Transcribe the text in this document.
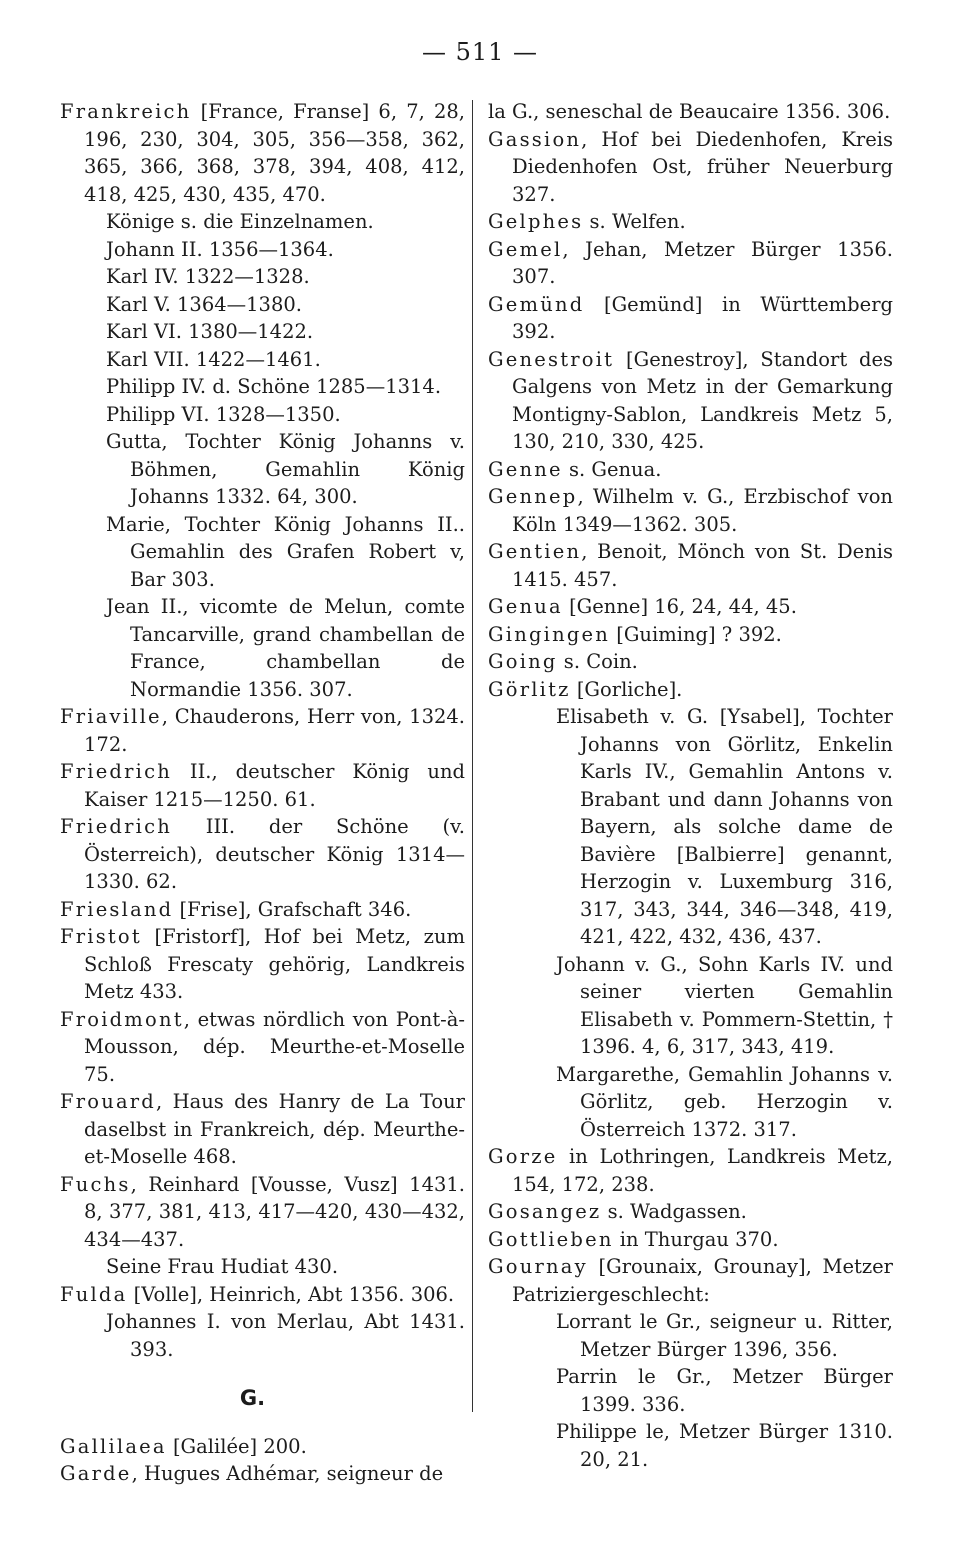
— 511 —

Frankreich [France, Franse] 6, 7, 28, 196, 230, 304, 305, 356—358, 362, 365, 366, 368, 378, 394, 408, 412, 418, 425, 430, 435, 470.

Könige s. die Einzelnamen.

Johann II. 1356—1364.

Karl IV. 1322—1328.

Karl V. 1364—1380.

Karl VI. 1380—1422.

Karl VII. 1422—1461.

Philipp IV. d. Schöne 1285—1314.

Philipp VI. 1328—1350.

Gutta, Tochter König Johanns v. Böhmen, Gemahlin König Johanns 1332. 64, 300.

Marie, Tochter König Johanns II.. Gemahlin des Grafen Robert v, Bar 303.

Jean II., vicomte de Melun, comte Tancarville, grand chambellan de France, chambellan de Normandie 1356. 307.

Friaville, Chauderons, Herr von, 1324. 172.

Friedrich II., deutscher König und Kaiser 1215—1250. 61.

Friedrich III. der Schöne (v. Österreich), deutscher König 1314—1330. 62.

Friesland [Frise], Grafschaft 346.

Fristot [Fristorf], Hof bei Metz, zum Schloß Frescaty gehörig, Landkreis Metz 433.

Froidmont, etwas nördlich von Pont-à-Mousson, dép. Meurthe-et-Moselle 75.

Frouard, Haus des Hanry de La Tour daselbst in Frankreich, dép. Meurthe-et-Moselle 468.

Fuchs, Reinhard [Vousse, Vusz] 1431. 8, 377, 381, 413, 417—420, 430—432, 434—437.

Seine Frau Hudiat 430.

Fulda [Volle], Heinrich, Abt 1356. 306.

Johannes I. von Merlau, Abt 1431. 393.

G.

Gallilaea [Galilée] 200.

Garde, Hugues Adhémar, seigneur de

la G., seneschal de Beaucaire 1356. 306.

Gassion, Hof bei Diedenhofen, Kreis Diedenhofen Ost, früher Neuerburg 327.

Gelphes s. Welfen.

Gemel, Jehan, Metzer Bürger 1356. 307.

Gemünd [Gemünd] in Württemberg 392.

Genestroit [Genestroy], Standort des Galgens von Metz in der Gemarkung Montigny-Sablon, Landkreis Metz 5, 130, 210, 330, 425.

Genne s. Genua.

Gennep, Wilhelm v. G., Erzbischof von Köln 1349—1362. 305.

Gentien, Benoit, Mönch von St. Denis 1415. 457.

Genua [Genne] 16, 24, 44, 45.

Gingingen [Guiming] ? 392.

Going s. Coin.

Görlitz [Gorliche].

Elisabeth v. G. [Ysabel], Tochter Johanns von Görlitz, Enkelin Karls IV., Gemahlin Antons v. Brabant und dann Johanns von Bayern, als solche dame de Bavière [Balbierre] genannt, Herzogin v. Luxemburg 316, 317, 343, 344, 346—348, 419, 421, 422, 432, 436, 437.

Johann v. G., Sohn Karls IV. und seiner vierten Gemahlin Elisabeth v. Pommern-Stettin, † 1396. 4, 6, 317, 343, 419.

Margarethe, Gemahlin Johanns v. Görlitz, geb. Herzogin v. Österreich 1372. 317.

Gorze in Lothringen, Landkreis Metz, 154, 172, 238.

Gosangez s. Wadgassen.

Gottlieben in Thurgau 370.

Gournay [Grounaix, Grounay], Metzer Patriziergeschlecht:

Lorrant le Gr., seigneur u. Ritter, Metzer Bürger 1396, 356.

Parrin le Gr., Metzer Bürger 1399. 336.

Philippe le, Metzer Bürger 1310. 20, 21.
